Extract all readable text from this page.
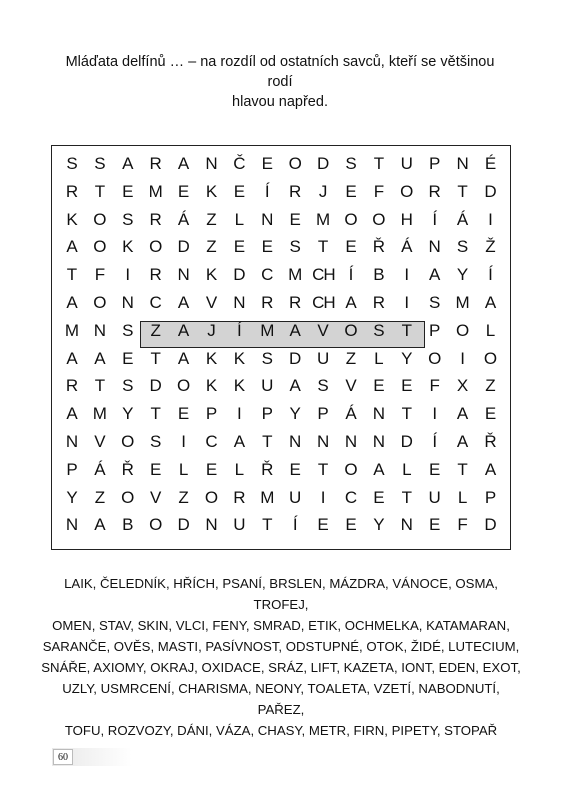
Mláďata delfínů … – na rozdíl od ostatních savců, kteří se většinou rodí
hlavou napřed.
S S A R A N Č E O D S	T U P N É
R T	E M E K E	Í	R	J	E	F O R T D
K O S R Á	Z	L	N E M O O H	Í	Á	I
A O K O D Z	E E S	T	E Ř Á N S	Ž
T	F	I	R N K D C M CH Í	B	I	A Y	Í
A O N C A V N R R CH A R	I	S M A
M N S	Z	A	J	Í	M A V O S	T	P O L
A A E	T	A K K S D U Z	L	Y O	I	O
R T	S D O K K U A S V E E	F	X	Z
A M Y	T	E P	I	P Y P Á N T	I	A E
N V O S	I	C A	T N N N N D	Í	A Ř
P Á Ř E	L	E	L	Ř E	T O A	L	E	T	A
Y	Z O V	Z O R M U	I	C E	T U	L	P
N A B O D N U T	Í	E E Y N E	F D
LAIK, ČELEDNÍK, HŘÍCH, PSANÍ, BRSLEN, MÁZDRA, VÁNOCE, OSMA, TROFEJ,
OMEN, STAV, SKIN, VLCI, FENY, SMRAD, ETIK, OCHMELKA, KATAMARAN,
SARANČE, OVĚS, MASTI, PASÍVNOST, ODSTUPNÉ, OTOK, ŽIDÉ, LUTECIUM,
SNÁŘE, AXIOMY, OKRAJ, OXIDACE, SRÁZ, LIFT, KAZETA, IONT, EDEN, EXOT,
UZLY, USMRCENÍ, CHARISMA, NEONY, TOALETA, VZETÍ, NABODNUTÍ, PAŘEZ,
TOFU, ROZVOZY, DÁNI, VÁZA, CHASY, METR, FIRN, PIPETY, STOPAŘ
60
